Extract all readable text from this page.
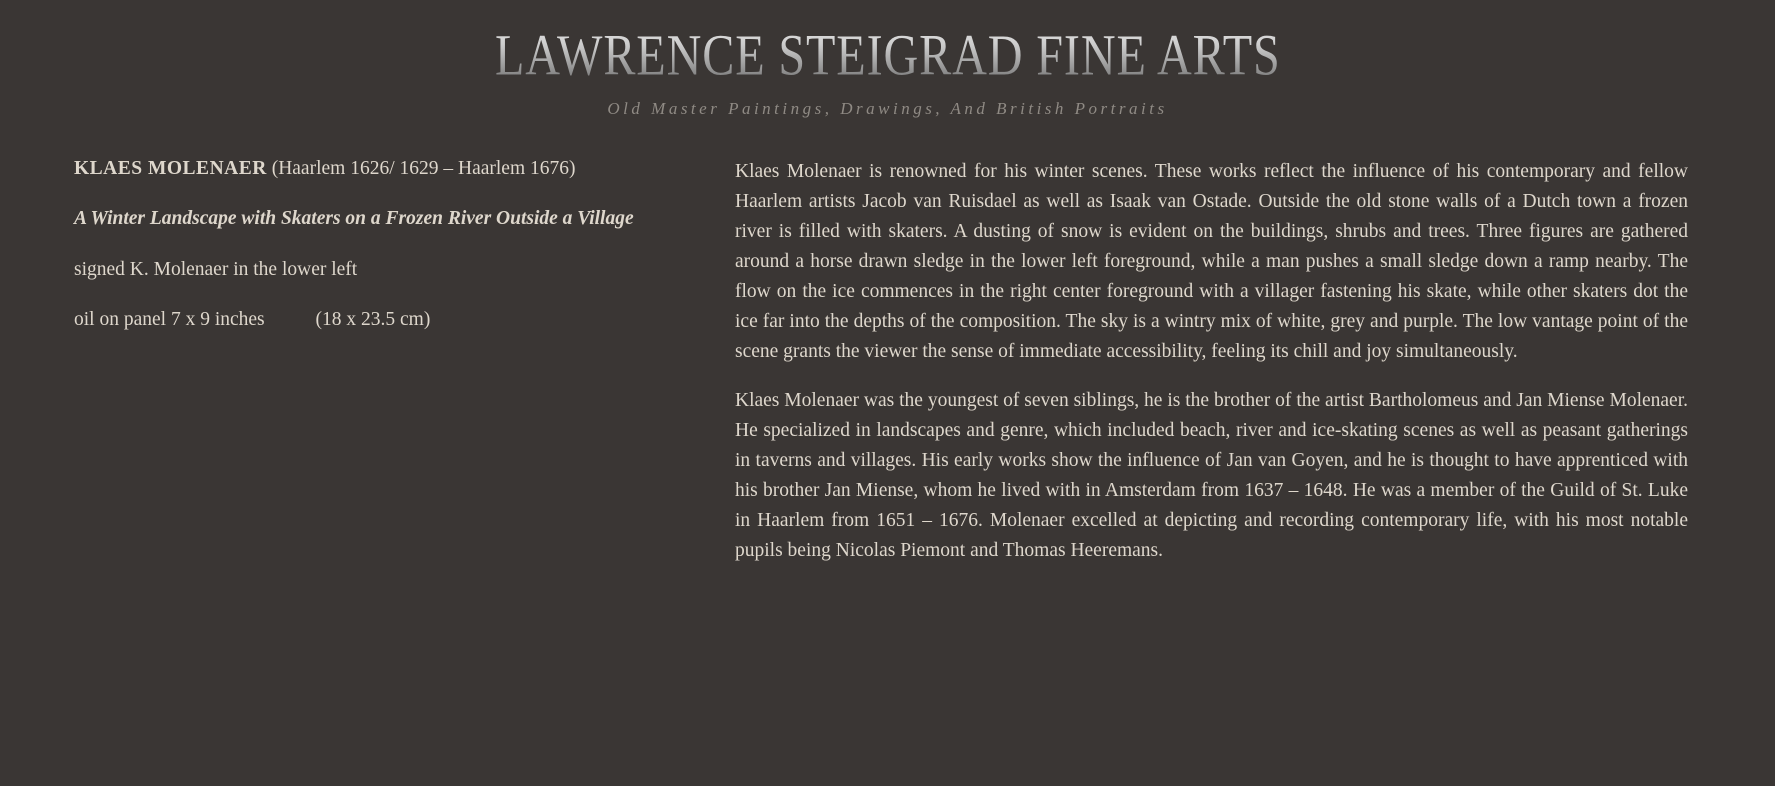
LAWRENCE STEIGRAD FINE ARTS
Old Master Paintings, Drawings, And British Portraits

KLAES MOLENAER (Haarlem 1626/ 1629 – Haarlem 1676)

A Winter Landscape with Skaters on a Frozen River Outside a Village

signed K. Molenaer in the lower left

oil on panel 7 x 9 inches	(18 x 23.5 cm)

Klaes Molenaer is renowned for his winter scenes. These works reflect the influence of his contemporary and fellow Haarlem artists Jacob van Ruisdael as well as Isaak van Ostade. Outside the old stone walls of a Dutch town a frozen river is filled with skaters. A dusting of snow is evident on the buildings, shrubs and trees. Three figures are gathered around a horse drawn sledge in the lower left foreground, while a man pushes a small sledge down a ramp nearby. The flow on the ice commences in the right center foreground with a villager fastening his skate, while other skaters dot the ice far into the depths of the composition. The sky is a wintry mix of white, grey and purple. The low vantage point of the scene grants the viewer the sense of immediate accessibility, feeling its chill and joy simultaneously.

Klaes Molenaer was the youngest of seven siblings, he is the brother of the artist Bartholomeus and Jan Miense Molenaer. He specialized in landscapes and genre, which included beach, river and ice-skating scenes as well as peasant gatherings in taverns and villages. His early works show the influence of Jan van Goyen, and he is thought to have apprenticed with his brother Jan Miense, whom he lived with in Amsterdam from 1637 – 1648. He was a member of the Guild of St. Luke in Haarlem from 1651 – 1676. Molenaer excelled at depicting and recording contemporary life, with his most notable pupils being Nicolas Piemont and Thomas Heeremans.
